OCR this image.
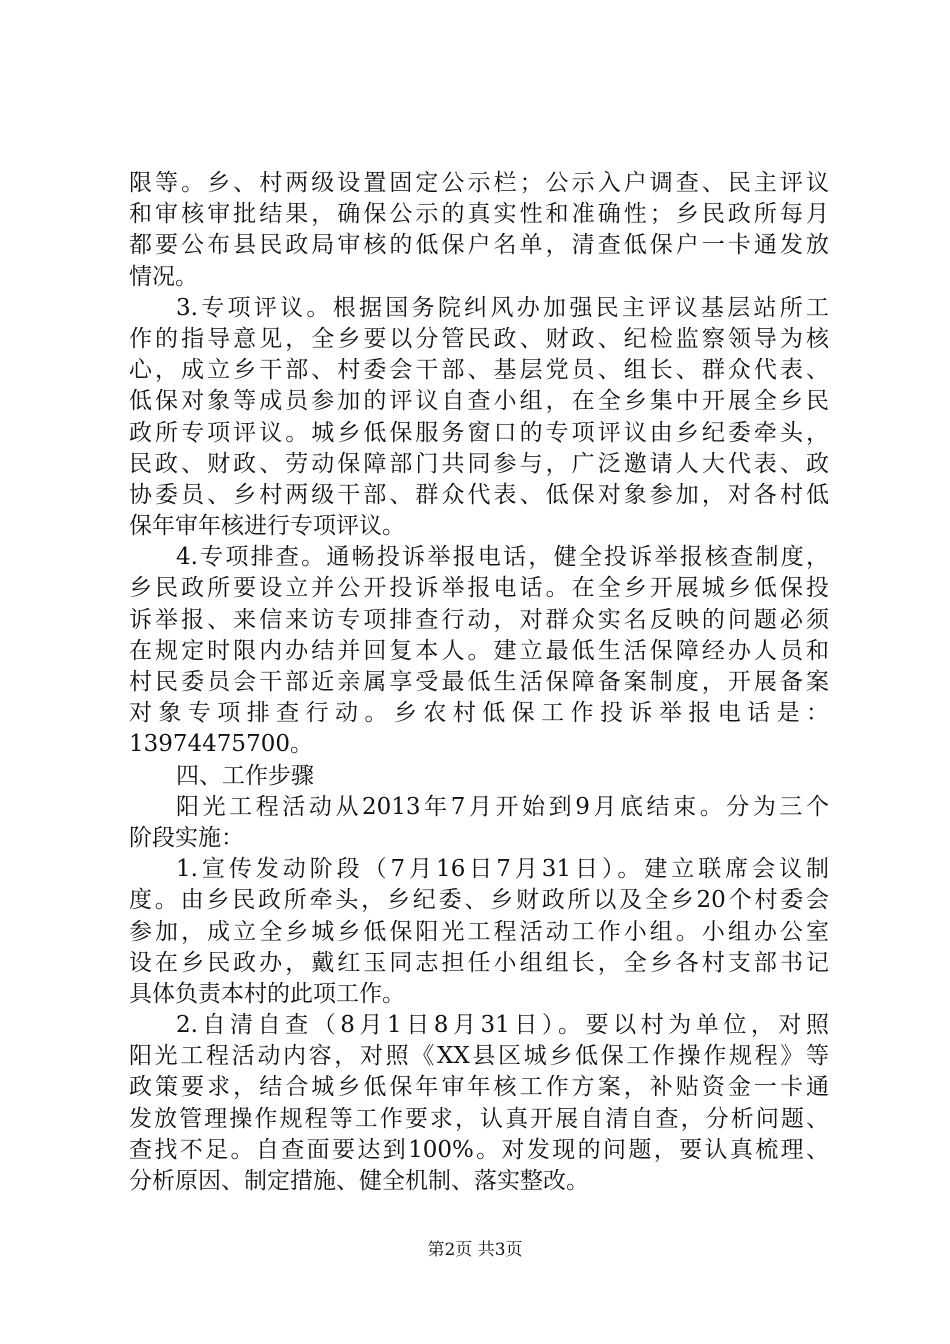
限等。乡、村两级设置固定公示栏；公示入户调查、民主评议
和审核审批结果，确保公示的真实性和准确性；乡民政所每月
都要公布县民政局审核的低保户名单，清查低保户一卡通发放
情况。
3.专项评议。根据国务院纠风办加强民主评议基层站所工
作的指导意见，全乡要以分管民政、财政、纪检监察领导为核
心，成立乡干部、村委会干部、基层党员、组长、群众代表、
低保对象等成员参加的评议自查小组，在全乡集中开展全乡民
政所专项评议。城乡低保服务窗口的专项评议由乡纪委牵头，
民政、财政、劳动保障部门共同参与，广泛邀请人大代表、政
协委员、乡村两级干部、群众代表、低保对象参加，对各村低
保年审年核进行专项评议。
4.专项排查。通畅投诉举报电话，健全投诉举报核查制度，
乡民政所要设立并公开投诉举报电话。在全乡开展城乡低保投
诉举报、来信来访专项排查行动，对群众实名反映的问题必须
在规定时限内办结并回复本人。建立最低生活保障经办人员和
村民委员会干部近亲属享受最低生活保障备案制度，开展备案
对象专项排查行动。乡农村低保工作投诉举报电话是：
13974475700。
四、工作步骤
阳光工程活动从2013年7月开始到9月底结束。分为三个
阶段实施：
1.宣传发动阶段（7月16日7月31日）。建立联席会议制
度。由乡民政所牵头，乡纪委、乡财政所以及全乡20个村委会
参加，成立全乡城乡低保阳光工程活动工作小组。小组办公室
设在乡民政办，戴红玉同志担任小组组长，全乡各村支部书记
具体负责本村的此项工作。
2.自清自查（8月1日8月31日）。要以村为单位，对照
阳光工程活动内容，对照《XX县区城乡低保工作操作规程》等
政策要求，结合城乡低保年审年核工作方案，补贴资金一卡通
发放管理操作规程等工作要求，认真开展自清自查，分析问题、
查找不足。自查面要达到100%。对发现的问题，要认真梳理、
分析原因、制定措施、健全机制、落实整改。
第2页 共3页
